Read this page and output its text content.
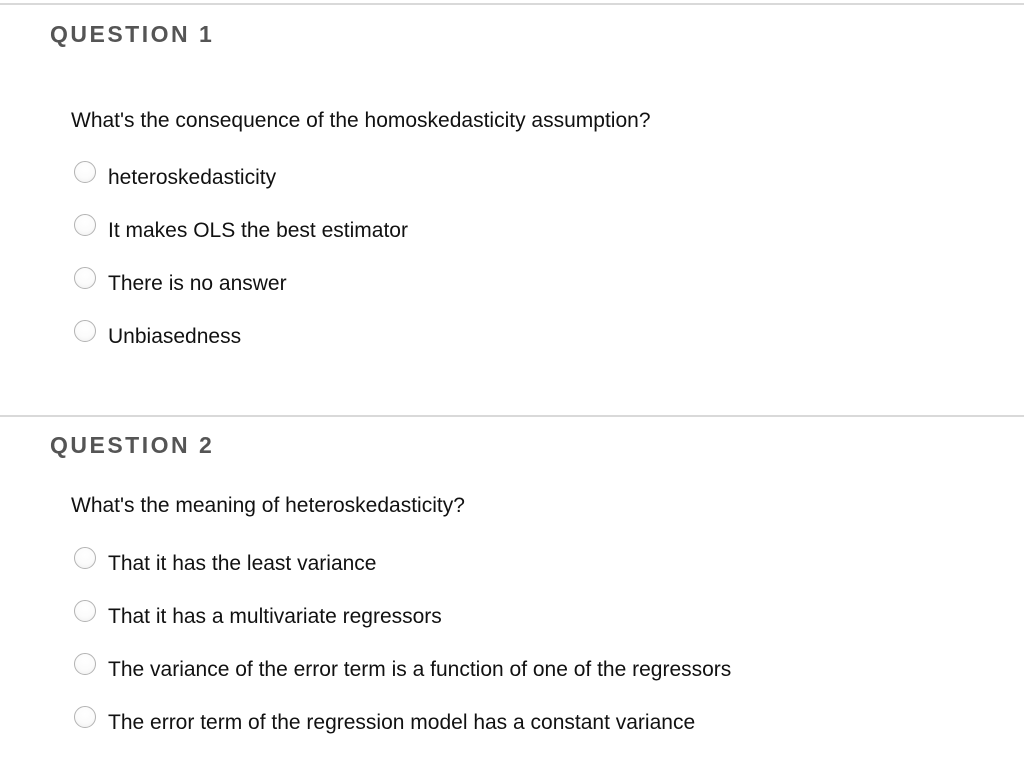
QUESTION 1
What's the consequence of the homoskedasticity assumption?
heteroskedasticity
It makes OLS the best estimator
There is no answer
Unbiasedness
QUESTION 2
What's the meaning of heteroskedasticity?
That it has the least variance
That it has a multivariate regressors
The variance of the error term is a function of one of the regressors
The error term of the regression model has a constant variance
